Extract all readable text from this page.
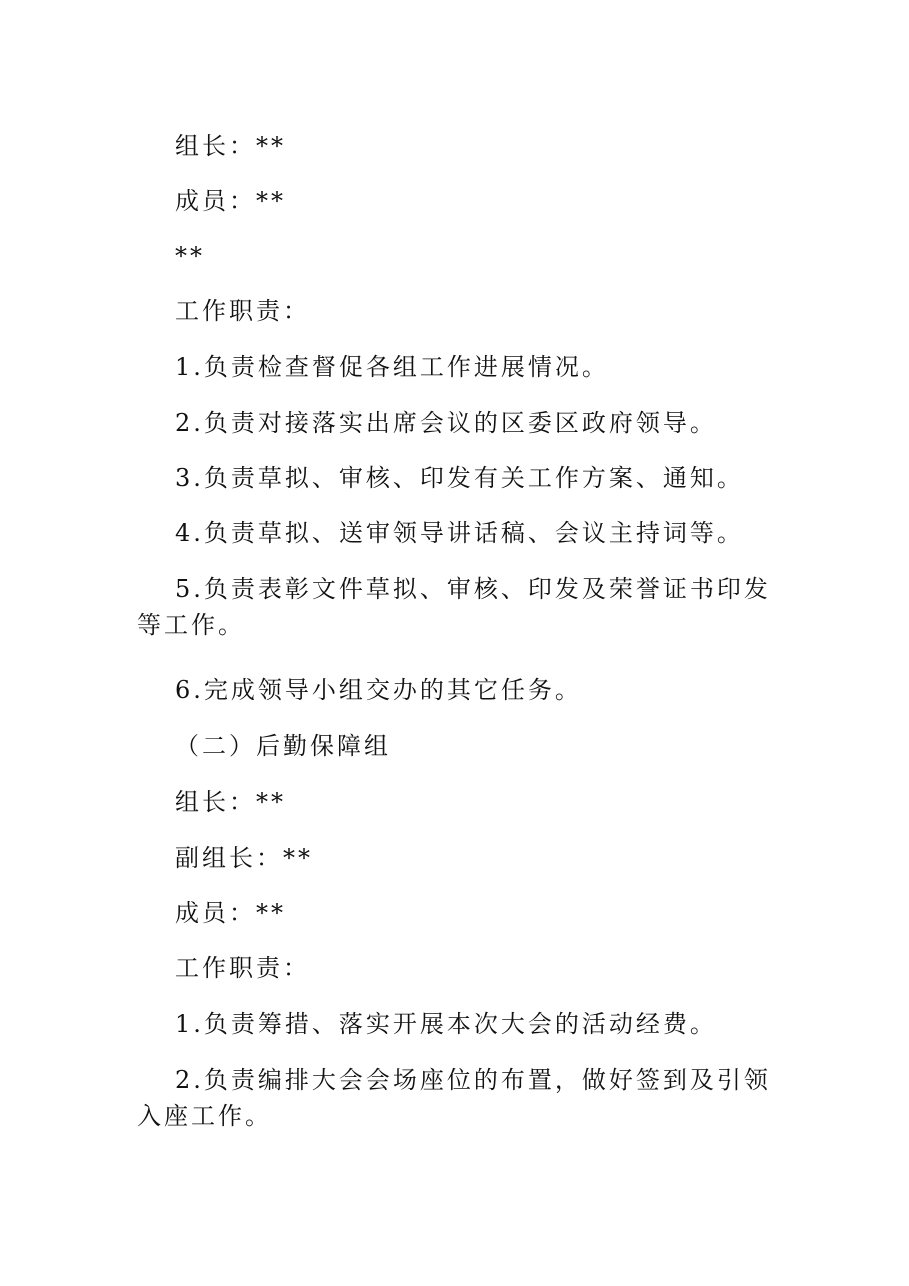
组长：**

成员：**

**

工作职责：

1.负责检查督促各组工作进展情况。

2.负责对接落实出席会议的区委区政府领导。

3.负责草拟、审核、印发有关工作方案、通知。

4.负责草拟、送审领导讲话稿、会议主持词等。

5.负责表彰文件草拟、审核、印发及荣誉证书印发等工作。

6.完成领导小组交办的其它任务。

（二）后勤保障组

组长：**

副组长：**

成员：**

工作职责：

1.负责筹措、落实开展本次大会的活动经费。

2.负责编排大会会场座位的布置，做好签到及引领入座工作。
